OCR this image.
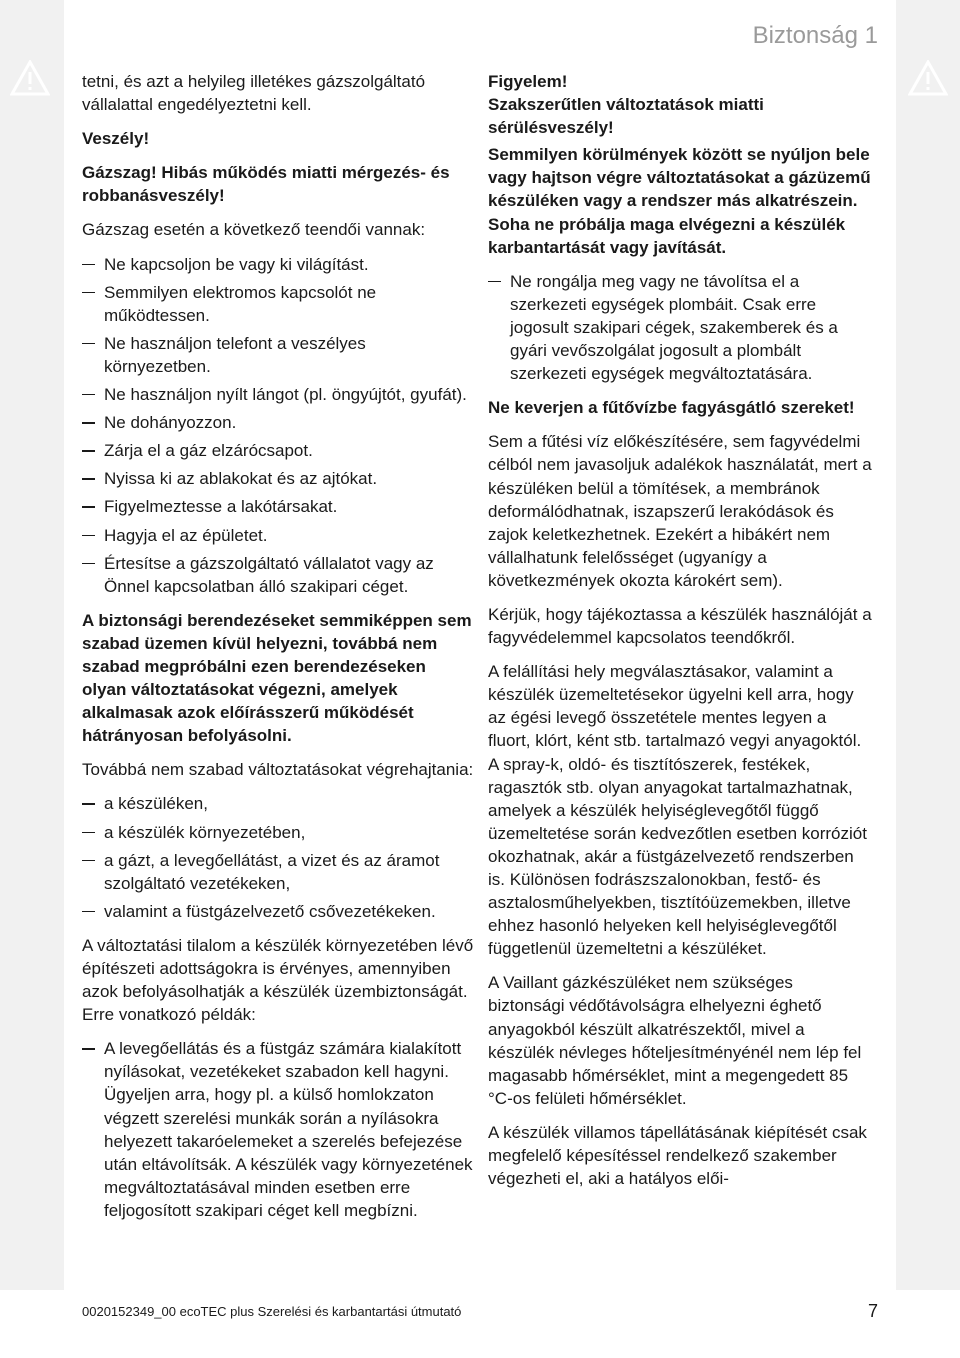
Biztonság 1

tetni, és azt a helyileg illetékes gázszolgáltató vállalattal engedélyeztetni kell.

Veszély!

Gázszag! Hibás működés miatti mérgezés- és robbanásveszély!

Gázszag esetén a következő teendői vannak:

Ne kapcsoljon be vagy ki világítást.
Semmilyen elektromos kapcsolót ne működtessen.
Ne használjon telefont a veszélyes környezetben.
Ne használjon nyílt lángot (pl. öngyújtót, gyufát).
Ne dohányozzon.
Zárja el a gáz elzárócsapot.
Nyissa ki az ablakokat és az ajtókat.
Figyelmeztesse a lakótársakat.
Hagyja el az épületet.
Értesítse a gázszolgáltató vállalatot vagy az Önnel kapcsolatban álló szakipari céget.

A biztonsági berendezéseket semmiképpen sem szabad üzemen kívül helyezni, továbbá nem szabad megpróbálni ezen berendezéseken olyan változtatásokat végezni, amelyek alkalmasak azok előírásszerű működését hátrányosan befolyásolni.

Továbbá nem szabad változtatásokat végrehajtania:

a készüléken,
a készülék környezetében,
a gázt, a levegőellátást, a vizet és az áramot szolgáltató vezetékeken,
valamint a füstgázelvezető csővezetékeken.

A változtatási tilalom a készülék környezetében lévő építészeti adottságokra is érvényes, amennyiben azok befolyásolhatják a készülék üzembiztonságát. Erre vonatkozó példák:

A levegőellátás és a füstgáz számára kialakított nyílásokat, vezetékeket szabadon kell hagyni. Ügyeljen arra, hogy pl. a külső homlokzaton végzett szerelési munkák során a nyílásokra helyezett takaróelemeket a szerelés befejezése után eltávolítsák. A készülék vagy környezetének megváltoztatásával minden esetben erre feljogosított szakipari céget kell megbízni.

Figyelem!

Szakszerűtlen változtatások miatti sérülésveszély!

Semmilyen körülmények között se nyúljon bele vagy hajtson végre változtatásokat a gázüzemű készüléken vagy a rendszer más alkatrészein. Soha ne próbálja maga elvégezni a készülék karbantartását vagy javítását.

Ne rongálja meg vagy ne távolítsa el a szerkezeti egységek plombáit. Csak erre jogosult szakipari cégek, szakemberek és a gyári vevőszolgálat jogosult a plombált szerkezeti egységek megváltoztatására.

Ne keverjen a fűtővízbe fagyásgátló szereket!

Sem a fűtési víz előkészítésére, sem fagyvédelmi célból nem javasoljuk adalékok használatát, mert a készüléken belül a tömítések, a membránok deformálódhatnak, iszapszerű lerakódások és zajok keletkezhetnek. Ezekért a hibákért nem vállalhatunk felelősséget (ugyanígy a következmények okozta károkért sem).

Kérjük, hogy tájékoztassa a készülék használóját a fagyvédelemmel kapcsolatos teendőkről.

A felállítási hely megválasztásakor, valamint a készülék üzemeltetésekor ügyelni kell arra, hogy az égési levegő összetétele mentes legyen a fluort, klórt, ként stb. tartalmazó vegyi anyagoktól. A spray-k, oldó- és tisztítószerek, festékek, ragasztók stb. olyan anyagokat tartalmazhatnak, amelyek a készülék helyiséglevegőtől függő üzemeltetése során kedvezőtlen esetben korróziót okozhatnak, akár a füstgázelvezető rendszerben is. Különösen fodrászszalonokban, festő- és asztalosműhelyekben, tisztítóüzemekben, illetve ehhez hasonló helyeken kell helyiséglevegőtől függetlenül üzemeltetni a készüléket.

A Vaillant gázkészüléket nem szükséges biztonsági védőtávolságra elhelyezni éghető anyagokból készült alkatrészektől, mivel a készülék névleges hőteljesítményénél nem lép fel magasabb hőmérséklet, mint a megengedett 85 °C-os felületi hőmérséklet.

A készülék villamos tápellátásának kiépítését csak megfelelő képesítéssel rendelkező szakember végezheti el, aki a hatályos elői-

0020152349_00 ecoTEC plus Szerelési és karbantartási útmutató	7
